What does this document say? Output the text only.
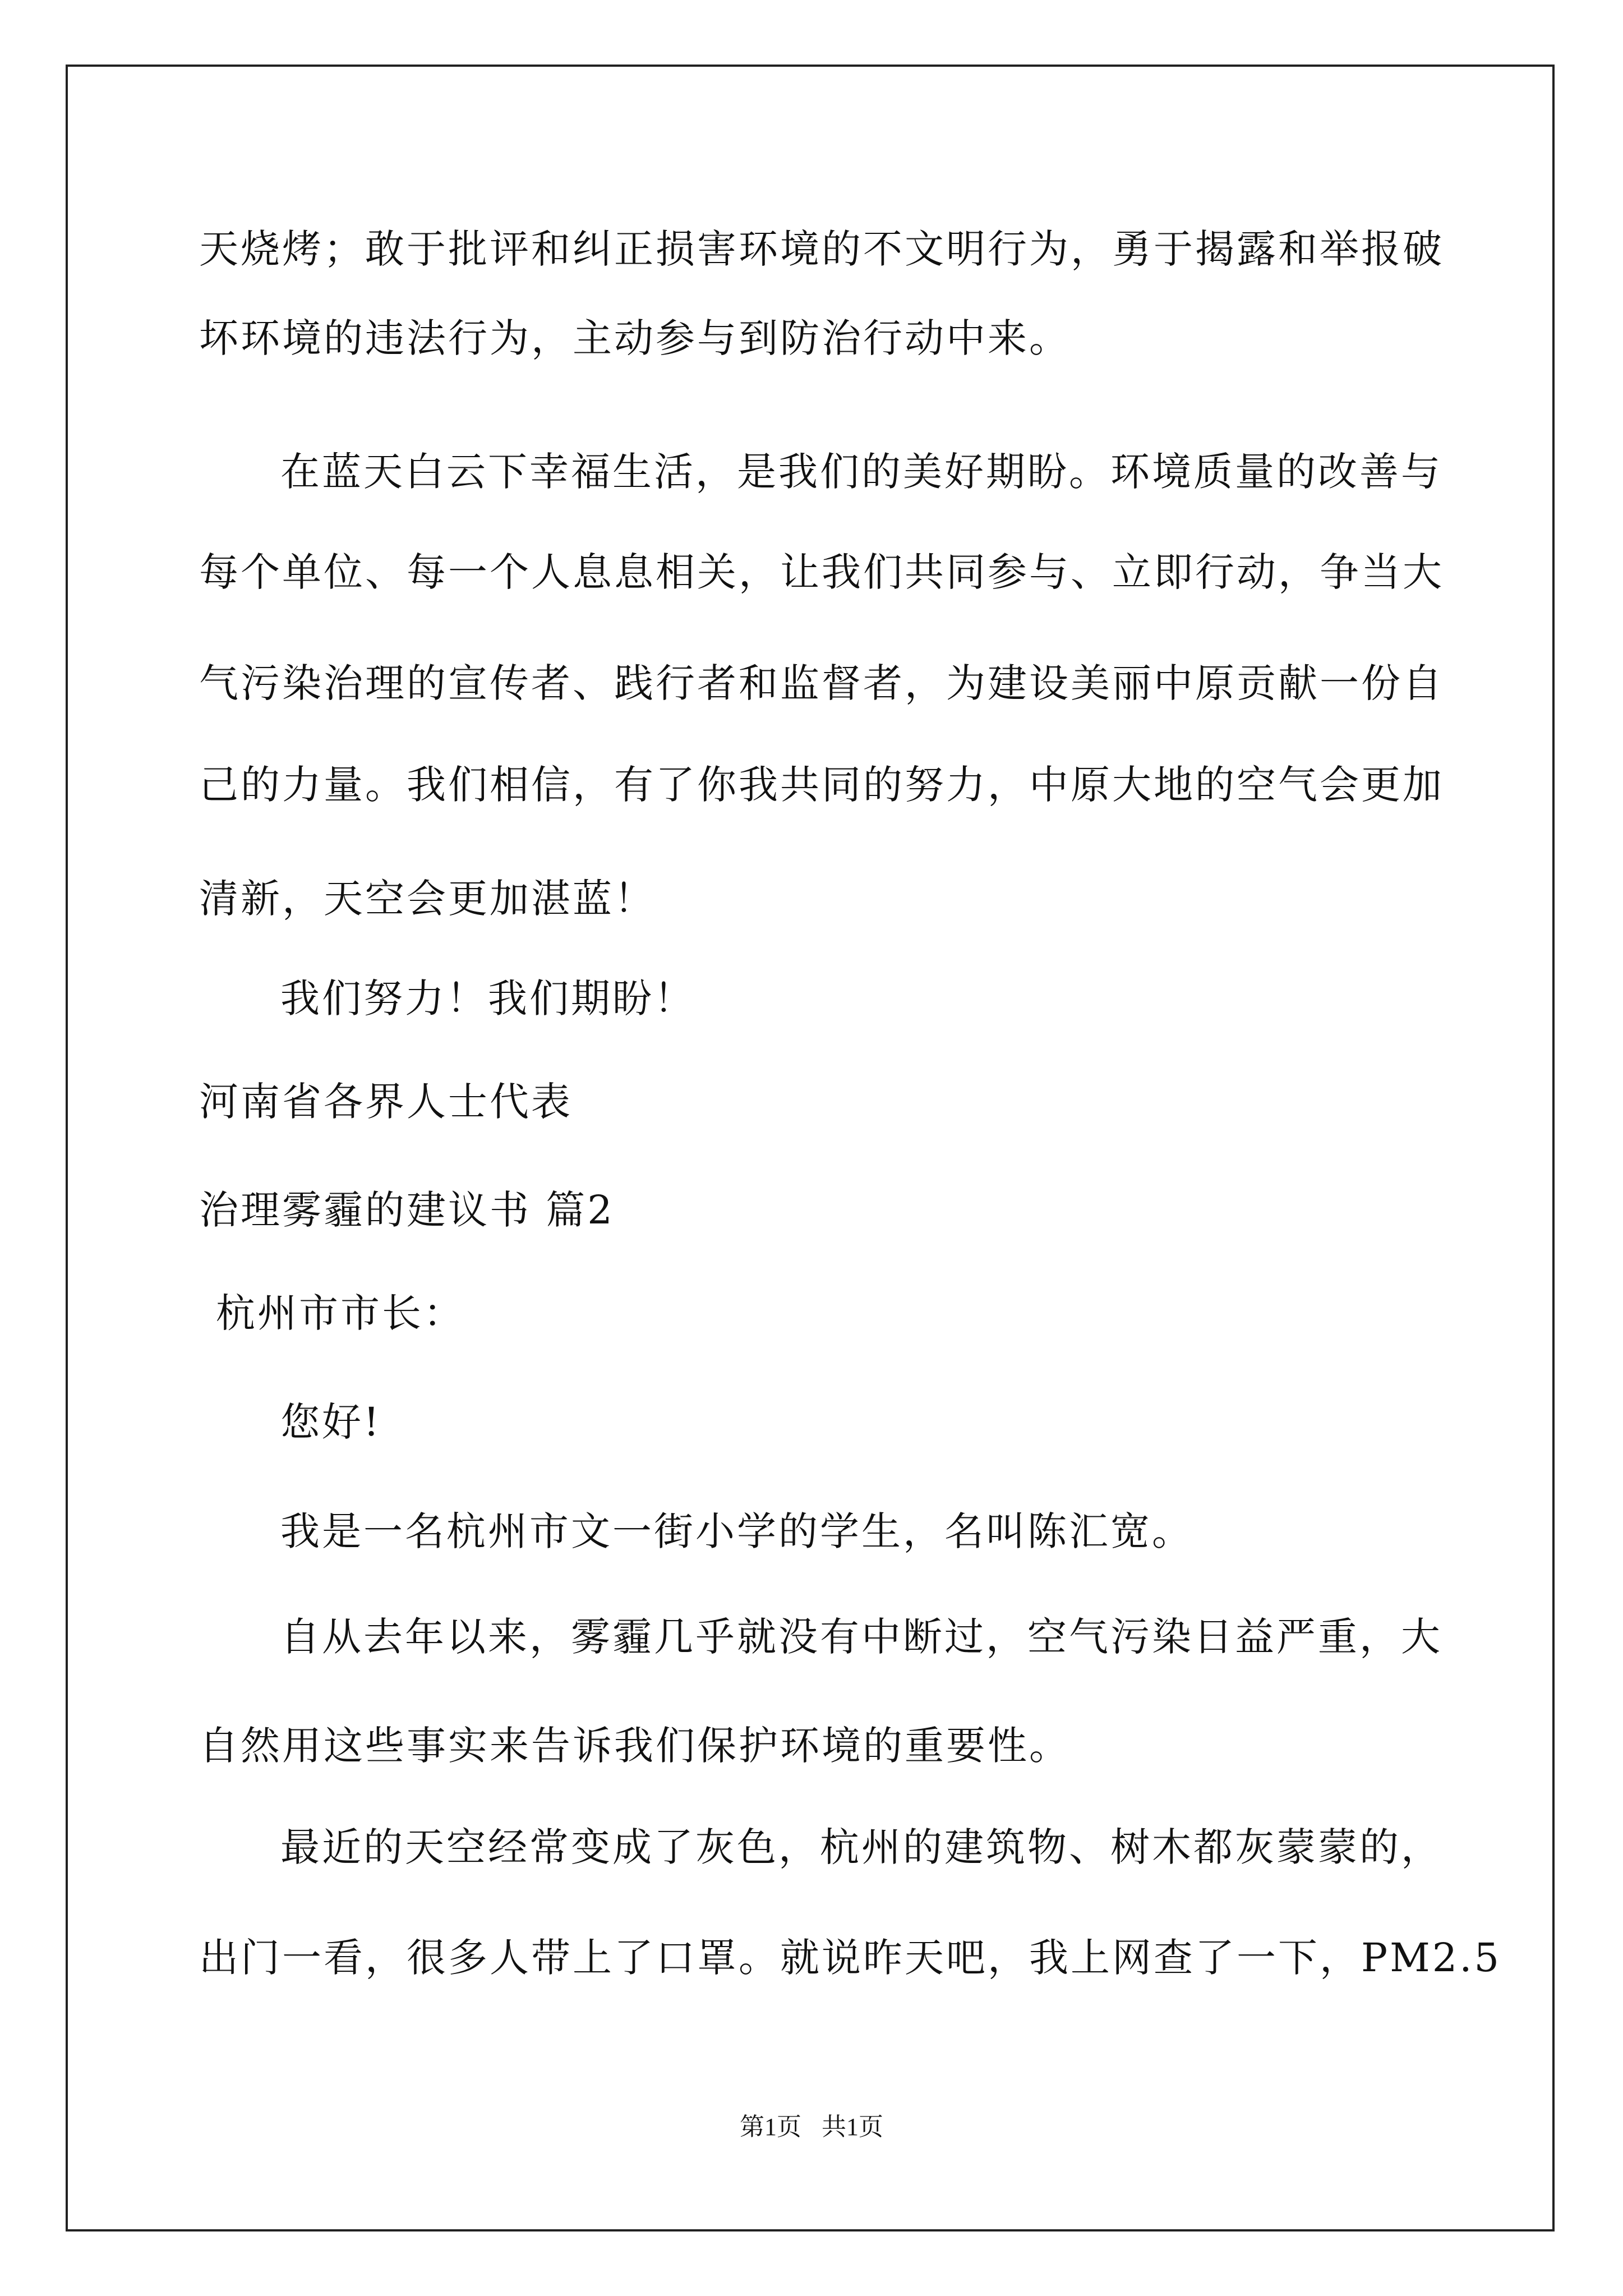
天烧烤；敢于批评和纠正损害环境的不文明行为，勇于揭露和举报破
坏环境的违法行为，主动参与到防治行动中来。
在蓝天白云下幸福生活，是我们的美好期盼。环境质量的改善与
每个单位、每一个人息息相关，让我们共同参与、立即行动，争当大
气污染治理的宣传者、践行者和监督者，为建设美丽中原贡献一份自
己的力量。我们相信，有了你我共同的努力，中原大地的空气会更加
清新，天空会更加湛蓝！
我们努力！我们期盼！
河南省各界人士代表
治理雾霾的建议书 篇2
杭州市市长：
您好!
我是一名杭州市文一街小学的学生，名叫陈汇宽。
自从去年以来，雾霾几乎就没有中断过，空气污染日益严重，大
自然用这些事实来告诉我们保护环境的重要性。
最近的天空经常变成了灰色，杭州的建筑物、树木都灰蒙蒙的，
出门一看，很多人带上了口罩。就说昨天吧，我上网查了一下，PM2.5
第1页 共1页
